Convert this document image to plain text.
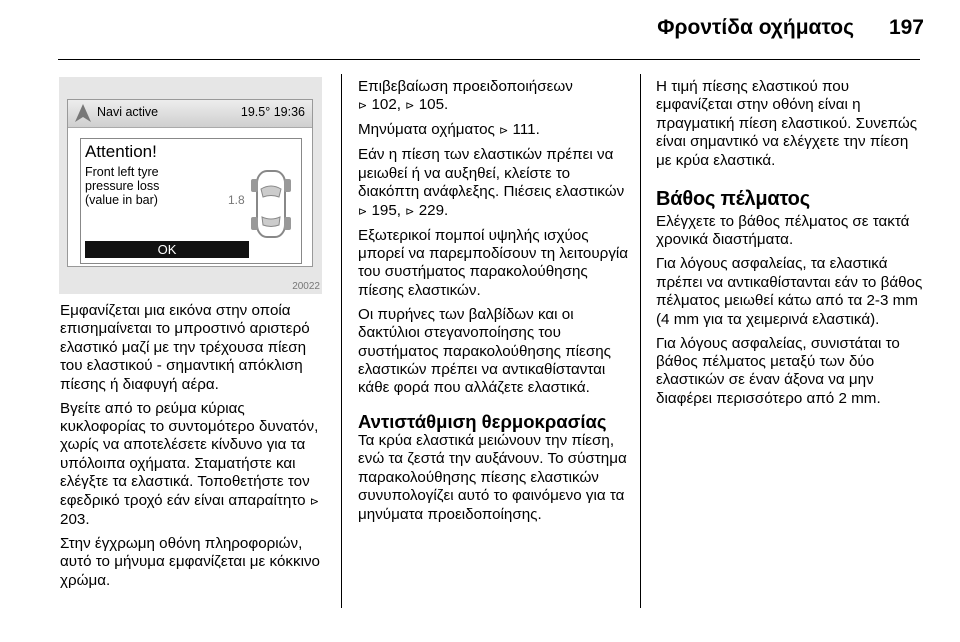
Φροντίδα οχήματος 197
Navi active	19.5° 19:36
Attention!
Front left tyre
pressure loss
(value in bar)	1.8
OK
20022

Εμφανίζεται μια εικόνα στην οποία επισημαίνεται το μπροστινό αριστερό ελαστικό μαζί με την τρέχουσα πίεση του ελαστικού - σημαντική απόκλιση πίεσης ή διαφυγή αέρα.

Βγείτε από το ρεύμα κύριας κυκλοφορίας το συντομότερο δυνατόν, χωρίς να αποτελέσετε κίνδυνο για τα υπόλοιπα οχήματα. Σταματήστε και ελέγξτε τα ελαστικά. Τοποθετήστε τον εφεδρικό τροχό εάν είναι απαραίτητο ⊳ 203.

Στην έγχρωμη οθόνη πληροφοριών, αυτό το μήνυμα εμφανίζεται με κόκκινο χρώμα.

Επιβεβαίωση προειδοποιήσεων
⊳ 102, ⊳ 105.

Μηνύματα οχήματος ⊳ 111.

Εάν η πίεση των ελαστικών πρέπει να μειωθεί ή να αυξηθεί, κλείστε το διακόπτη ανάφλεξης. Πιέσεις ελαστικών ⊳ 195, ⊳ 229.

Εξωτερικοί πομποί υψηλής ισχύος μπορεί να παρεμποδίσουν τη λειτουργία του συστήματος παρακολούθησης πίεσης ελαστικών.

Οι πυρήνες των βαλβίδων και οι δακτύλιοι στεγανοποίησης του συστήματος παρακολούθησης πίεσης ελαστικών πρέπει να αντικαθίστανται κάθε φορά που αλλάζετε ελαστικά.

Αντιστάθμιση θερμοκρασίας

Τα κρύα ελαστικά μειώνουν την πίεση, ενώ τα ζεστά την αυξάνουν. Το σύστημα παρακολούθησης πίεσης ελαστικών συνυπολογίζει αυτό το φαινόμενο για τα μηνύματα προειδοποίησης.

Η τιμή πίεσης ελαστικού που εμφανίζεται στην οθόνη είναι η πραγματική πίεση ελαστικού. Συνεπώς είναι σημαντικό να ελέγχετε την πίεση με κρύα ελαστικά.

Βάθος πέλματος

Ελέγχετε το βάθος πέλματος σε τακτά χρονικά διαστήματα.

Για λόγους ασφαλείας, τα ελαστικά πρέπει να αντικαθίστανται εάν το βάθος πέλματος μειωθεί κάτω από τα 2-3 mm (4 mm για τα χειμερινά ελαστικά).

Για λόγους ασφαλείας, συνιστάται το βάθος πέλματος μεταξύ των δύο ελαστικών σε έναν άξονα να μην διαφέρει περισσότερο από 2 mm.
